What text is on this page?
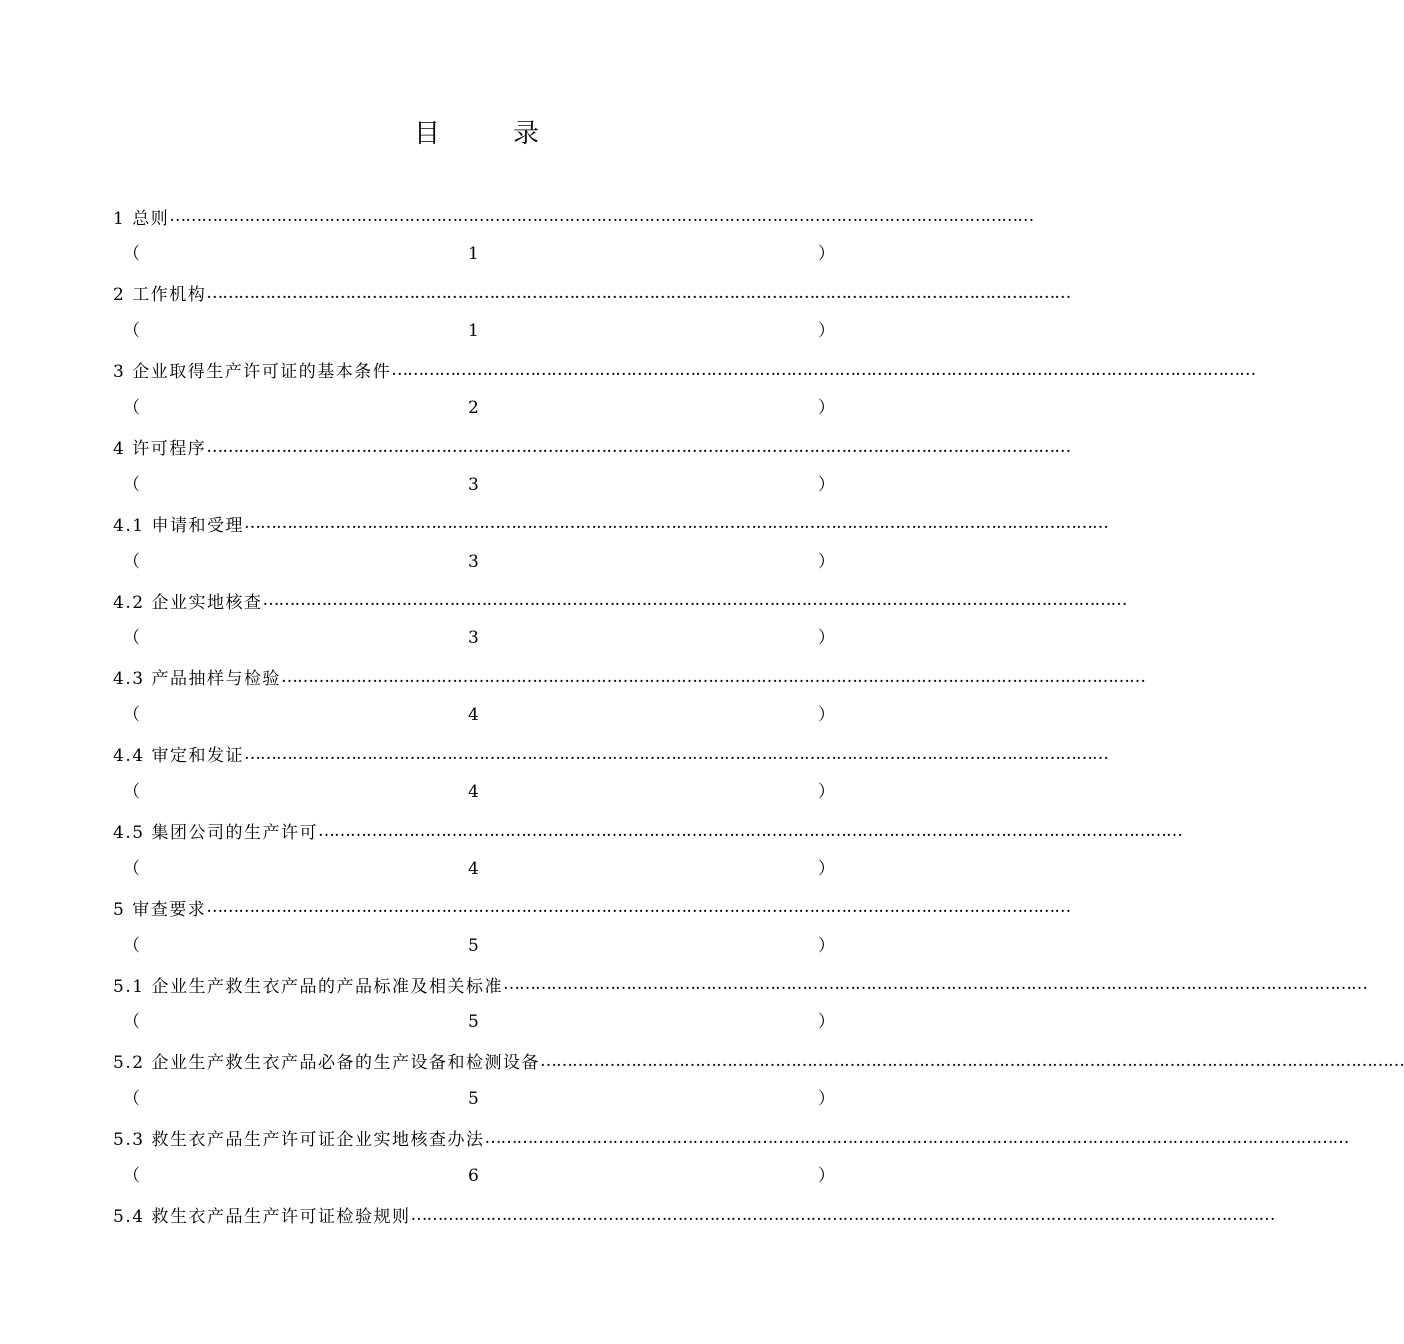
目	录
1 总则 ………………………………………………………………………………………………………………………………………………
（	1	）
2 工作机构 ………………………………………………………………………………………………………………………………………………
（	1	）
3 企业取得生产许可证的基本条件 ………………………………………………………………………………………………………………………………………………
（	2	）
4 许可程序 ………………………………………………………………………………………………………………………………………………
（	3	）
4.1 申请和受理 ………………………………………………………………………………………………………………………………………………
（	3	）
4.2 企业实地核查 ………………………………………………………………………………………………………………………………………………
（	3	）
4.3 产品抽样与检验 ………………………………………………………………………………………………………………………………………………
（	4	）
4.4 审定和发证 ………………………………………………………………………………………………………………………………………………
（	4	）
4.5 集团公司的生产许可 ………………………………………………………………………………………………………………………………………………
（	4	）
5 审查要求 ………………………………………………………………………………………………………………………………………………
（	5	）
5.1 企业生产救生衣产品的产品标准及相关标准 ………………………………………………………………………………………………………………………………………………
（	5	）
5.2 企业生产救生衣产品必备的生产设备和检测设备 ………………………………………………………………………………………………………………………………………………
（	5	）
5.3 救生衣产品生产许可证企业实地核查办法 ………………………………………………………………………………………………………………………………………………
（	6	）
5.4 救生衣产品生产许可证检验规则 ………………………………………………………………………………………………………………………………………………
